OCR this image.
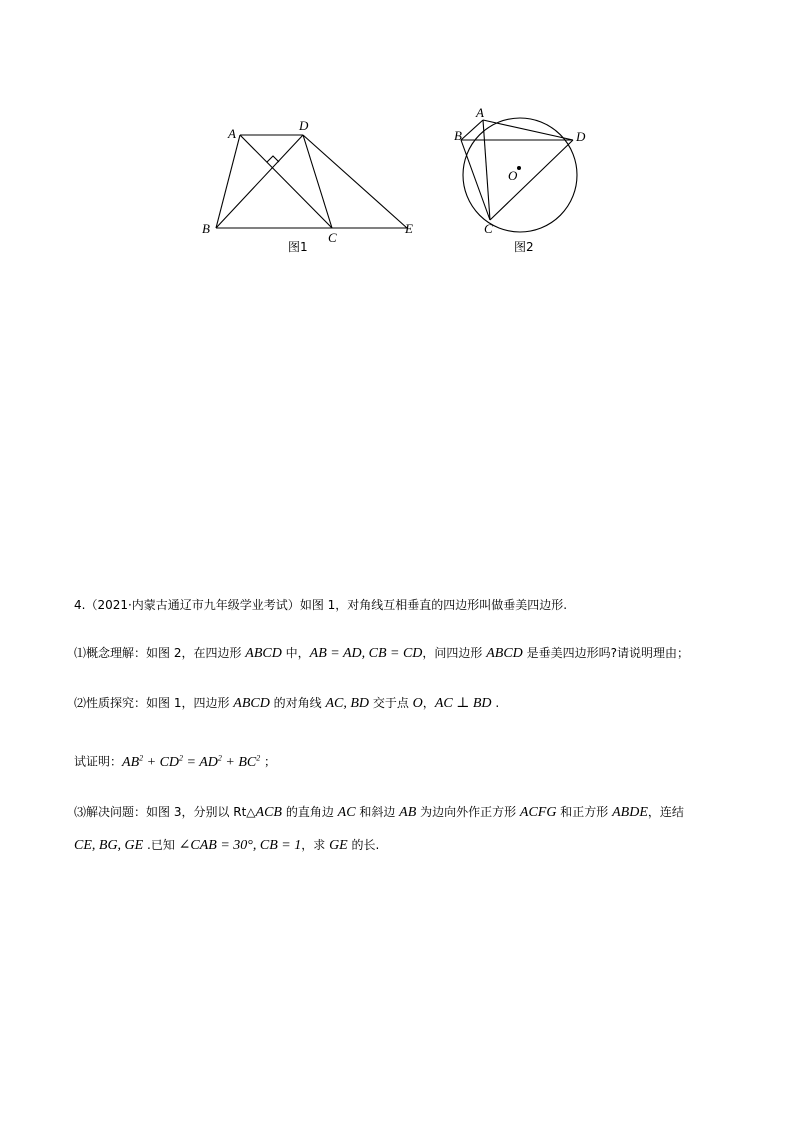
A
D
B
C
E
图1
A
B
C
D
O
图2
4.（2021·内蒙古通辽市九年级学业考试）如图 1，对角线互相垂直的四边形叫做垂美四边形.
⑴概念理解：如图 2，在四边形 ABCD 中，AB = AD, CB = CD，问四边形 ABCD 是垂美四边形吗?请说明理由；
⑵性质探究：如图 1，四边形 ABCD 的对角线 AC, BD 交于点 O，AC ⊥ BD .
试证明：$AB^2 + CD^2 = AD^2 + BC^2$ ；
⑶解决问题：如图 3，分别以 Rt△ACB 的直角边 AC 和斜边 AB 为边向外作正方形 ACFG 和正方形 ABDE，连结
CE, BG, GE .已知 ∠CAB = 30°, CB = 1，求 GE 的长.
